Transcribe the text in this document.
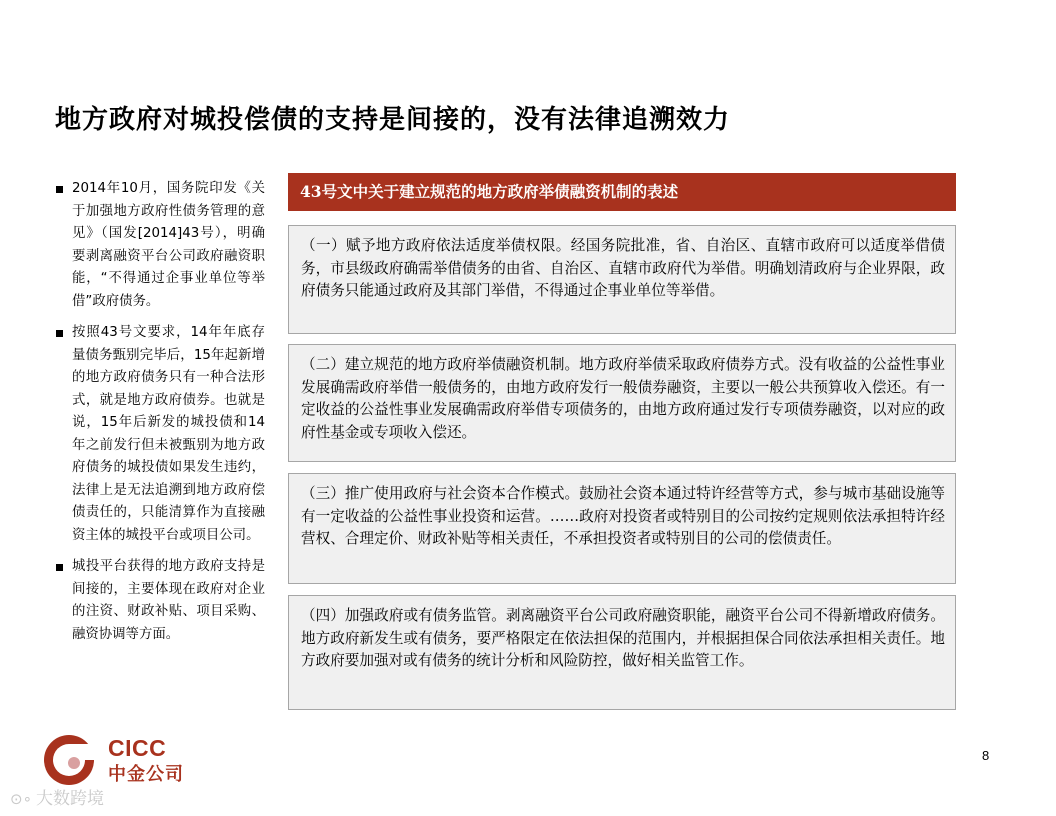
地方政府对城投偿债的支持是间接的，没有法律追溯效力
2014年10月，国务院印发《关于加强地方政府性债务管理的意见》（国发[2014]43号），明确要剥离融资平台公司政府融资职能，“不得通过企事业单位等举借”政府债务。
按照43号文要求，14年年底存量债务甄别完毕后，15年起新增的地方政府债务只有一种合法形式，就是地方政府债券。也就是说，15年后新发的城投债和14年之前发行但未被甄别为地方政府债务的城投债如果发生违约，法律上是无法追溯到地方政府偿债责任的，只能清算作为直接融资主体的城投平台或项目公司。
城投平台获得的地方政府支持是间接的，主要体现在政府对企业的注资、财政补贴、项目采购、融资协调等方面。
43号文中关于建立规范的地方政府举债融资机制的表述
（一）赋予地方政府依法适度举债权限。经国务院批准，省、自治区、直辖市政府可以适度举借债务，市县级政府确需举借债务的由省、自治区、直辖市政府代为举借。明确划清政府与企业界限，政府债务只能通过政府及其部门举借，不得通过企事业单位等举借。
（二）建立规范的地方政府举债融资机制。地方政府举债采取政府债券方式。没有收益的公益性事业发展确需政府举借一般债务的，由地方政府发行一般债券融资，主要以一般公共预算收入偿还。有一定收益的公益性事业发展确需政府举借专项债务的，由地方政府通过发行专项债券融资，以对应的政府性基金或专项收入偿还。
（三）推广使用政府与社会资本合作模式。鼓励社会资本通过特许经营等方式，参与城市基础设施等有一定收益的公益性事业投资和运营。……政府对投资者或特别目的公司按约定规则依法承担特许经营权、合理定价、财政补贴等相关责任，不承担投资者或特别目的公司的偿债责任。
（四）加强政府或有债务监管。剥离融资平台公司政府融资职能，融资平台公司不得新增政府债务。地方政府新发生或有债务，要严格限定在依法担保的范围内，并根据担保合同依法承担相关责任。地方政府要加强对或有债务的统计分析和风险防控，做好相关监管工作。
8
CICC
中金公司
⊙∘ 大数跨境
